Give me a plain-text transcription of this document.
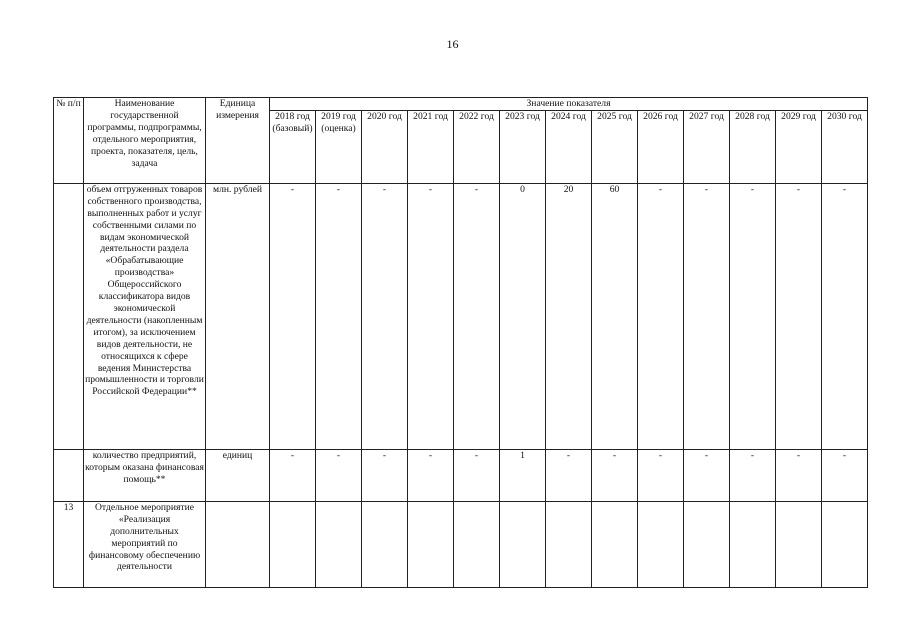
16
№ п/п	Наименование государственной программы, подпрограммы, отдельного мероприятия, проекта, показателя, цель, задача	Единица измерения	Значение показателя												
			2018 год (базовый)	2019 год (оценка)	2020 год	2021 год	2022 год	2023 год	2024 год	2025 год	2026 год	2027 год	2028 год	2029 год	2030 год
	объем отгруженных товаров собственного производства, выполненных работ и услуг собственными силами по видам экономической деятельности раздела «Обрабатывающие производства» Общероссийского классификатора видов экономической деятельности (накопленным итогом), за исключением видов деятельности, не относящихся к сфере ведения Министерства промышленности и торговли Российской Федерации**	млн. рублей	-	-	-	-	-	0	20	60	-	-	-	-	-
	количество предприятий, которым оказана финансовая помощь**	единиц	-	-	-	-	-	1	-	-	-	-	-	-	-
13	Отдельное мероприятие «Реализация дополнительных мероприятий по финансовому обеспечению деятельности														
